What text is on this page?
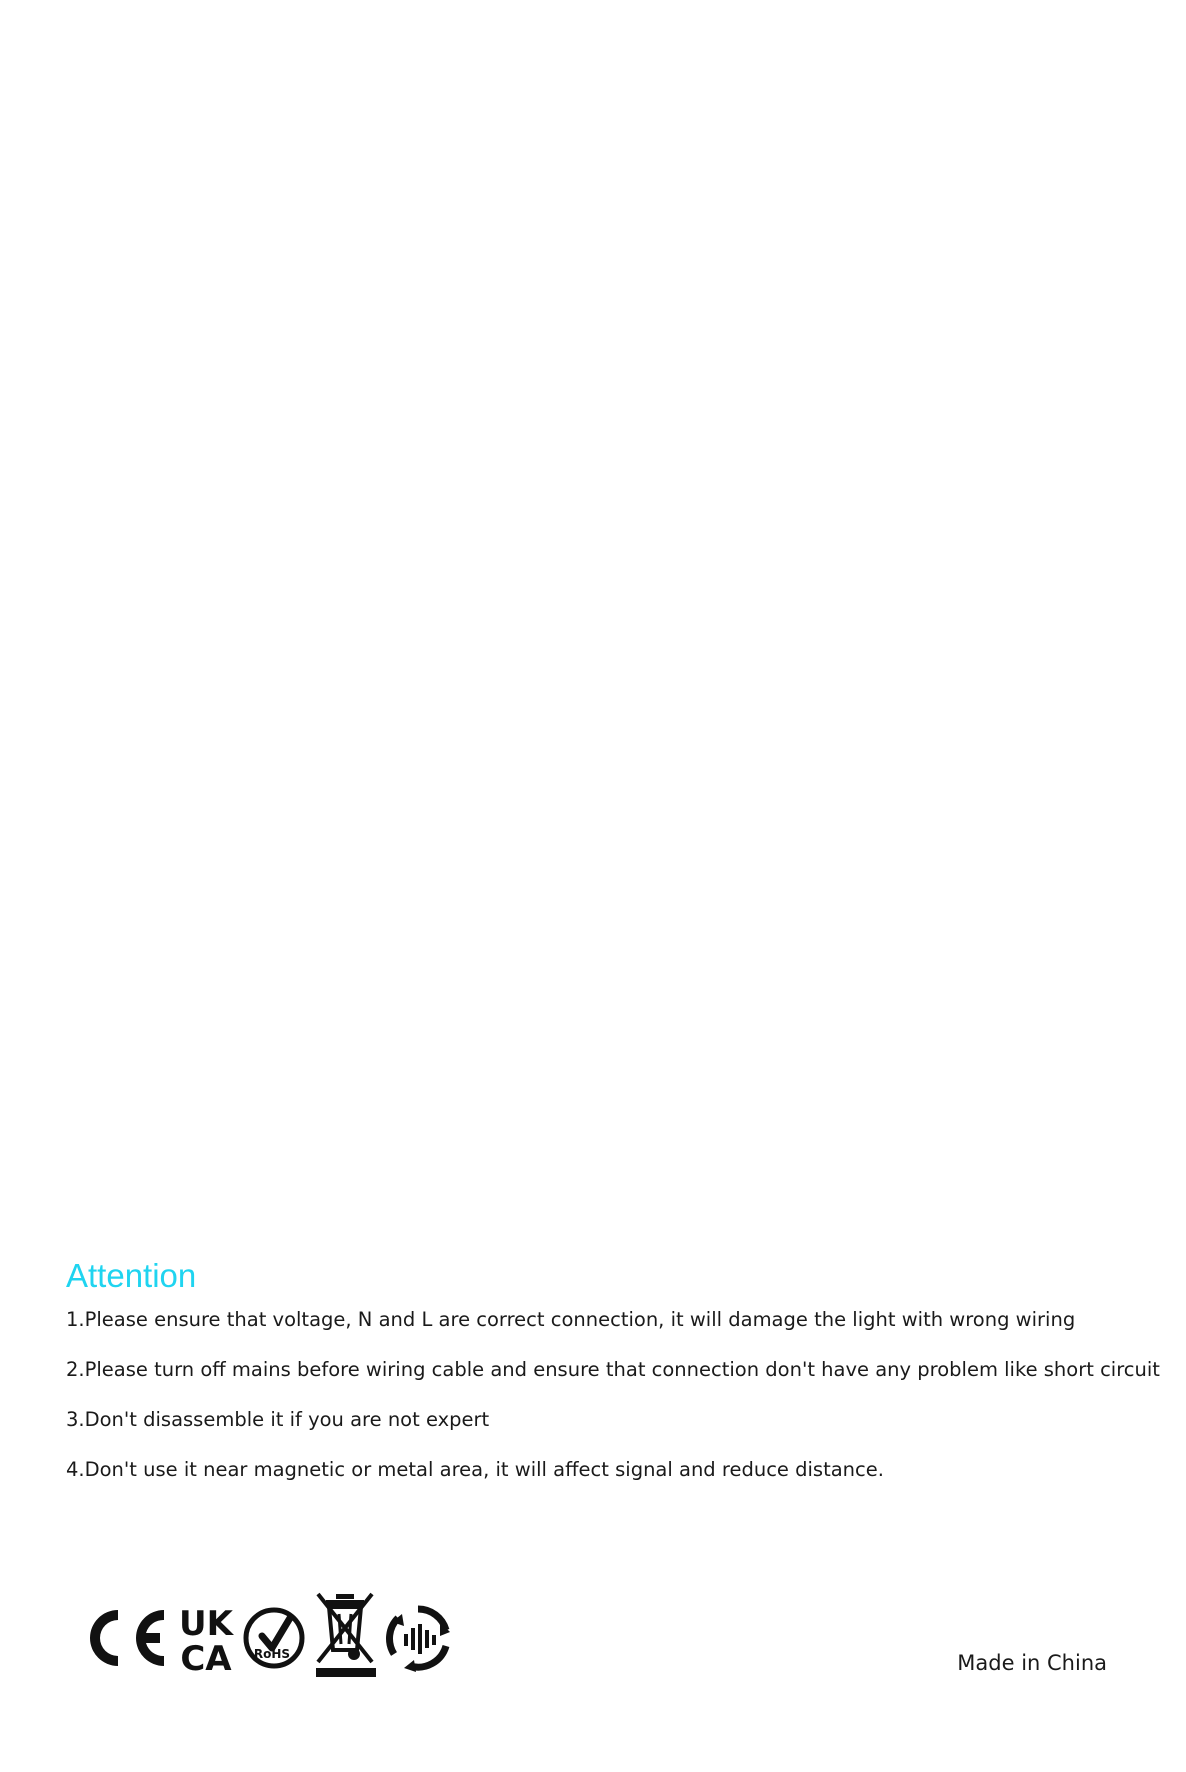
Attention
1.Please ensure that voltage, N and L are correct connection, it will damage the light with wrong wiring
2.Please turn off mains before wiring cable and ensure that connection don't have any problem like short circuit
3.Don't disassemble it if you are not expert
4.Don't use it near magnetic or metal area, it will affect signal and reduce distance.
UK
CA RoHS	Made in China
